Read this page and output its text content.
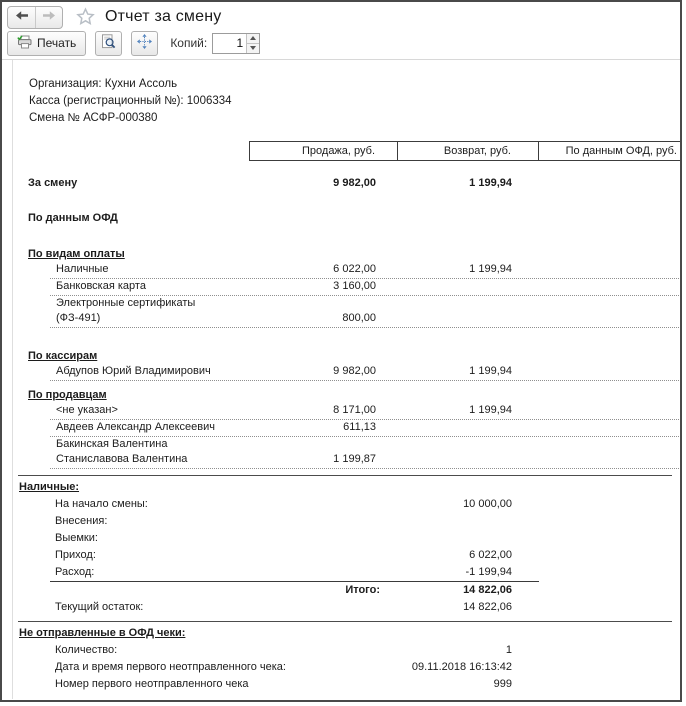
Отчет за смену
Печать	Копий:
1
Организация: Кухни Ассоль
Касса (регистрационный №): 1006334
Смена № АСФР-000380
Продажа, руб.	Возврат, руб.	По данным ОФД, руб.
За смену	9 982,00	1 199,94
По данным ОФД
По видам оплаты
Наличные	6 022,00	1 199,94
Банковская карта	3 160,00
Электронные сертификаты
(ФЗ-491)	800,00
По кассирам
Абдупов Юрий Владимирович	9 982,00	1 199,94
По продавцам
<не указан>	8 171,00	1 199,94
Авдеев Александр Алексеевич	611,13
Бакинская Валентина
Станиславова Валентина	1 199,87
Наличные:
На начало смены:	10 000,00
Внесения:
Выемки:
Приход:	6 022,00
Расход:	-1 199,94
Итого:	14 822,06
Текущий остаток:	14 822,06
Не отправленные в ОФД чеки:
Количество:	1
Дата и время первого неотправленного чека:	09.11.2018 16:13:42
Номер первого неотправленного чека	999
